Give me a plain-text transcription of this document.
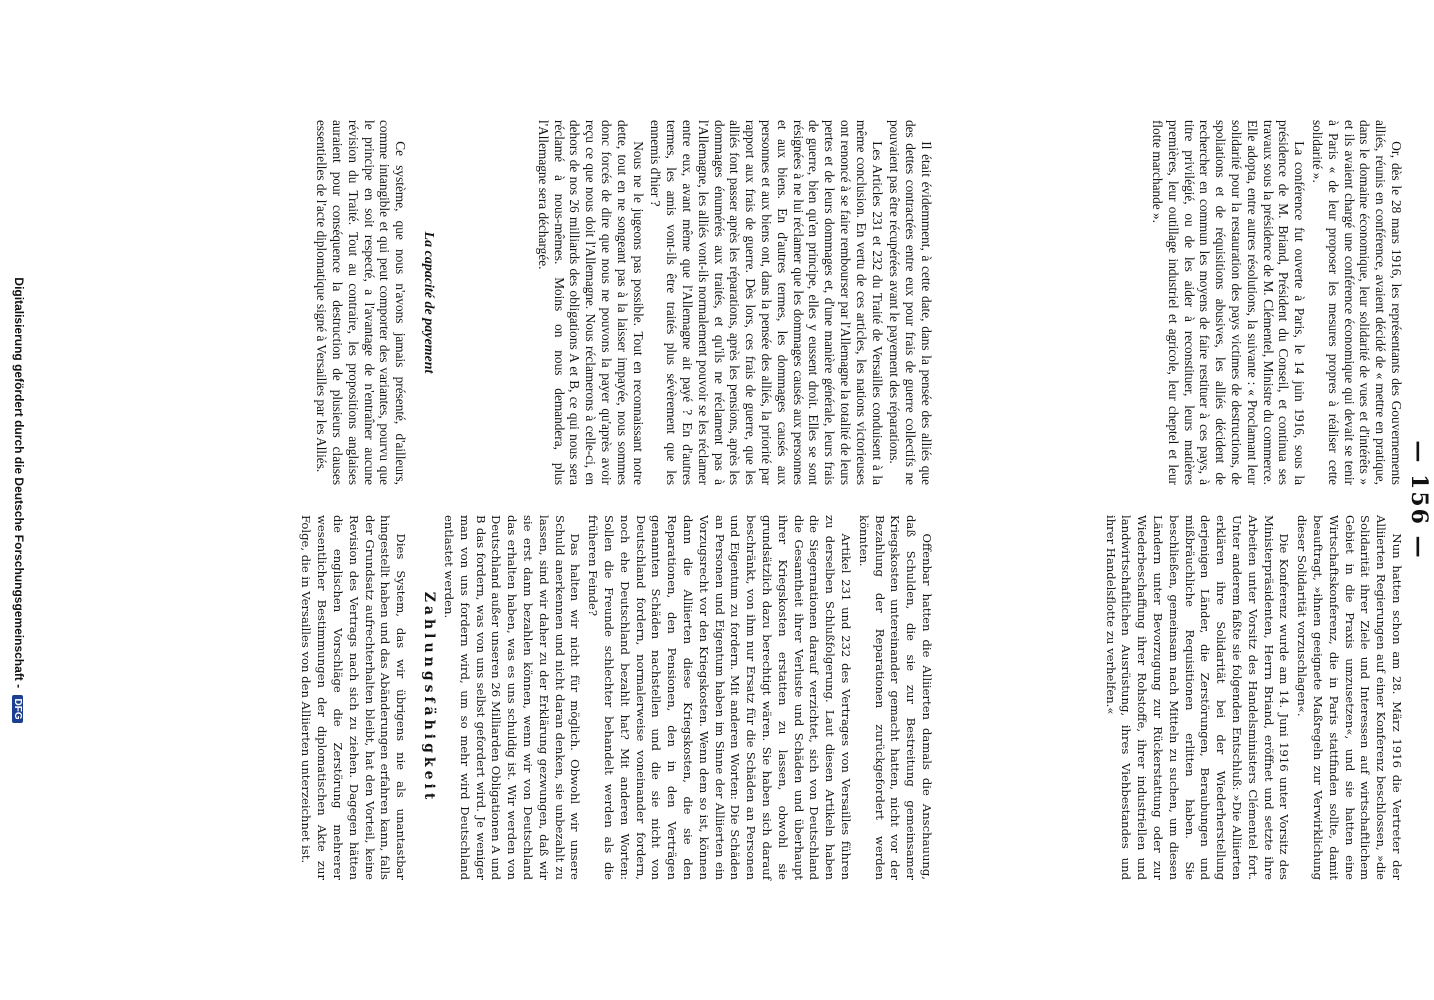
— 156 —

Or, dès le 28 mars 1916, les représentants des Gouvernements alliés, réunis en conférence, avaient décidé de « mettre en pratique, dans le domaine économique, leur solidarité de vues et d'intérêts » et ils avaient chargé une conférence économique qui devait se tenir à Paris « de leur proposer les mesures propres à réaliser cette solidarité ».

La conférence fut ouverte à Paris, le 14 juin 1916, sous la présidence de M. Briand, Président du Conseil, et continua ses travaux sous la présidence de M. Clémentel, Ministre du commerce. Elle adopta, entre autres résolutions, la suivante : « Proclamant leur solidarité pour la restauration des pays victimes de destructions, de spoliations et de réquisitions abusives, les alliés décident de rechercher en commun les moyens de faire restituer à ces pays, à titre privilégié, ou de les aider à reconstituer, leurs matières premières, leur outillage industriel et agricole, leur cheptel et leur flotte marchande ».

Il était évidemment, à cette date, dans la pensée des alliés que des dettes contractées entre eux pour frais de guerre collectifs ne pouvaient pas être récupérées avant le payement des réparations.

Les Articles 231 et 232 du Traité de Versailles conduisent à la même conclusion. En vertu de ces articles, les nations victorieuses ont renoncé à se faire rembourser par l'Allemagne la totalité de leurs pertes et de leurs dommages et, d'une manière générale, leurs frais de guerre, bien qu'en principe, elles y eussent droit. Elles se sont résignées à ne lui réclamer que les dommages causés aux personnes et aux biens. En d'autres termes, les dommages causés aux personnes et aux biens ont, dans la pensée des alliés, la priorité par rapport aux frais de guerre. Dès lors, ces frais de guerre, que les alliés font passer après les réparations, après les pensions, après les dommages énumérés aux traités, et qu'ils ne réclament pas à l'Allemagne, les alliés vont-ils normalement pouvoir se les réclamer entre eux, avant même que l'Allemagne ait payé ? En d'autres termes, les amis vont-ils être traités plus sévèrement que les ennemis d'hier ?

Nous ne le jugeons pas possible. Tout en reconnaissant notre dette, tout en ne songeant pas à la laisser impayée, nous sommes donc forcés de dire que nous ne pouvons la payer qu'après avoir reçu ce que nous doit l'Allemagne. Nous réclamerons à celle-ci, en dehors de nos 26 milliards des obligations A et B, ce qui nous sera réclamé à nous-mêmes. Moins on nous demandera, plus l'Allemagne sera déchargée.

La capacité de payement

Ce système, que nous n'avons jamais présenté, d'ailleurs, comme intangible et qui peut comporter des variantes, pourvu que le principe en soit respecté, a l'avantage de n'entraîner aucune révision du Traité. Tout au contraire, les propositions anglaises auraient pour conséquence la destruction de plusieurs clauses essentielles de l'acte diplomatique signé à Versailles par les Alliés.

Nun hatten schon am 28. März 1916 die Vertreter der Alliierten Regierungen auf einer Konferenz beschlossen, »die Solidarität ihrer Ziele und Interessen auf wirtschaftlichem Gebiet in die Praxis umzusetzen«, und sie hatten eine Wirtschaftskonferenz, die in Paris stattfinden sollte, damit beauftragt, »ihnen geeignete Maßregeln zur Verwirklichung dieser Solidarität vorzuschlagen«.

Die Konferenz wurde am 14. Juni 1916 unter Vorsitz des Ministerpräsidenten, Herrn Briand, eröffnet und setzte ihre Arbeiten unter Vorsitz des Handelsministers Clémentel fort. Unter anderem faßte sie folgenden Entschluß: »Die Alliierten erklären ihre Solidarität bei der Wiederherstellung derjenigen Länder, die Zerstörungen, Beraubungen und mißbräuchliche Requisitionen erlitten haben. Sie beschließen, gemeinsam nach Mitteln zu suchen, um diesen Ländern unter Bevorzugung zur Rückerstattung oder zur Wiederbeschaffung ihrer Rohstoffe, ihrer industriellen und landwirtschaftlichen Ausrüstung, ihres Viehbestandes und ihrer Handelsflotte zu verhelfen.«

Offenbar hatten die Alliierten damals die Anschauung, daß Schulden, die sie zur Bestreitung gemeinsamer Kriegskosten untereinander gemacht hatten, nicht vor der Bezahlung der Reparationen zurückgefordert werden könnten.

Artikel 231 und 232 des Vertrages von Versailles führen zu derselben Schlußfolgerung. Laut diesen Artikeln haben die Siegernationen darauf verzichtet, sich von Deutschland die Gesamtheit ihrer Verluste und Schäden und überhaupt ihrer Kriegskosten erstatten zu lassen, obwohl sie grundsätzlich dazu berechtigt wären. Sie haben sich darauf beschränkt, von ihm nur Ersatz für die Schäden an Personen und Eigentum zu fordern. Mit anderen Worten: Die Schäden an Personen und Eigentum haben im Sinne der Alliierten ein Vorzugsrecht vor den Kriegskosten. Wenn dem so ist, können dann die Alliierten diese Kriegskosten, die sie den Reparationen, den Pensionen, den in den Verträgen genannten Schäden nachstellen und die sie nicht von Deutschland fordern, normalerweise voneinander fordern, noch ehe Deutschland bezahlt hat? Mit anderen Worten: Sollen die Freunde schlechter behandelt werden als die früheren Feinde?

Das halten wir nicht für möglich. Obwohl wir unsere Schuld anerkennen und nicht daran denken, sie unbezahlt zu lassen, sind wir daher zu der Erklärung gezwungen, daß wir sie erst dann bezahlen können, wenn wir von Deutschland das erhalten haben, was es uns schuldig ist. Wir werden von Deutschland außer unseren 26 Milliarden Obligationen A und B das fordern, was von uns selbst gefordert wird. Je weniger man von uns fordern wird, um so mehr wird Deutschland entlastet werden.

Zahlungsfähigkeit

Dies System, das wir übrigens nie als unantastbar hingestellt haben und das Abänderungen erfahren kann, falls der Grundsatz aufrechterhalten bleibt, hat den Vorteil, keine Revision des Vertrags nach sich zu ziehen. Dagegen hätten die englischen Vorschläge die Zerstörung mehrerer wesentlicher Bestimmungen der diplomatischen Akte zur Folge, die in Versailles von den Alliierten unterzeichnet ist.

Digitalisierung gefördert durch die Deutsche Forschungsgemeinschaft - DFG
